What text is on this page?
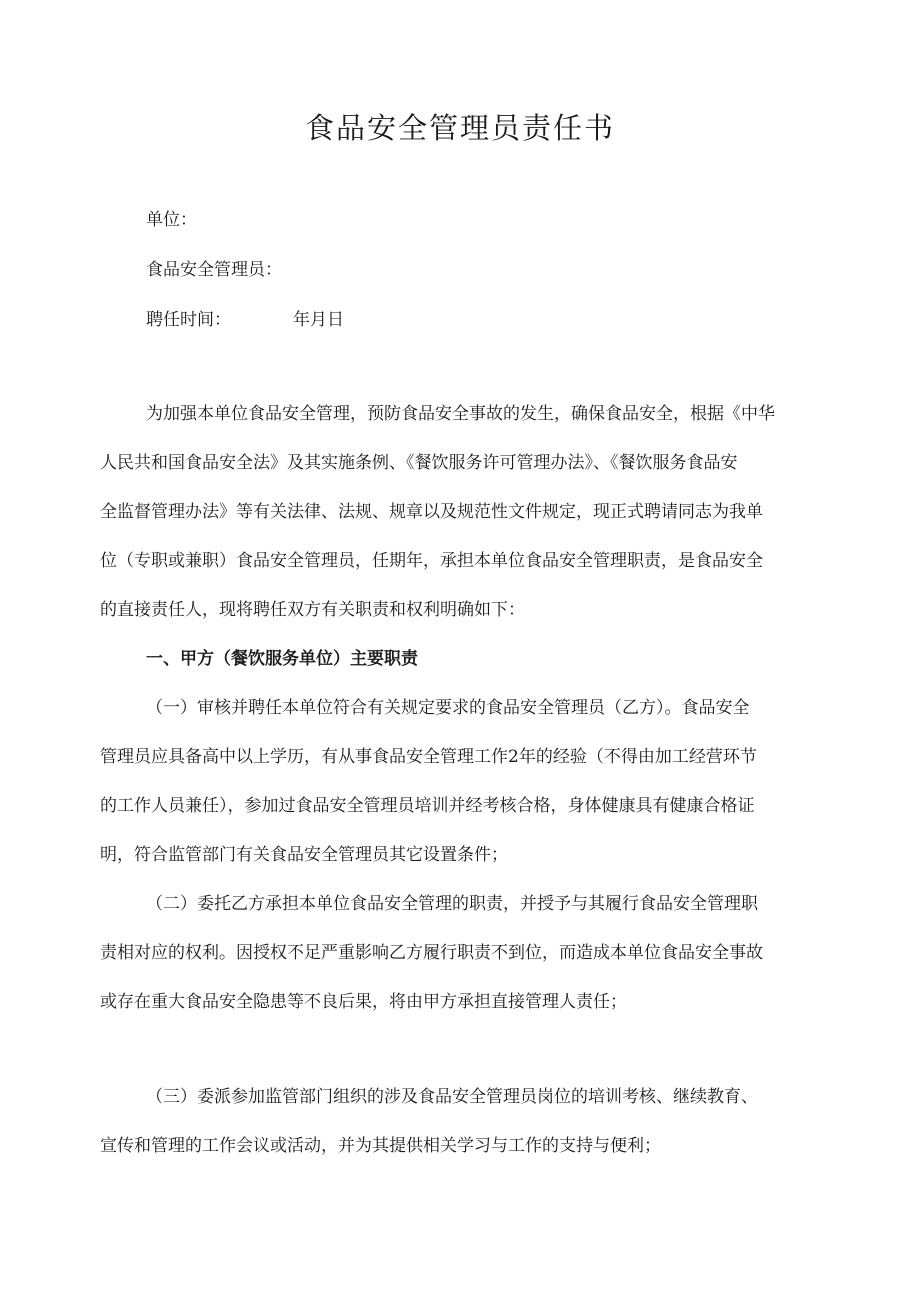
食品安全管理员责任书
单位：
食品安全管理员：
聘任时间：	年月日
为加强本单位食品安全管理，预防食品安全事故的发生，确保食品安全，根据《中华
人民共和国食品安全法》及其实施条例、《餐饮服务许可管理办法》、《餐饮服务食品安
全监督管理办法》等有关法律、法规、规章以及规范性文件规定，现正式聘请同志为我单
位（专职或兼职）食品安全管理员，任期年，承担本单位食品安全管理职责，是食品安全
的直接责任人，现将聘任双方有关职责和权利明确如下：
一、甲方（餐饮服务单位）主要职责
（一）审核并聘任本单位符合有关规定要求的食品安全管理员（乙方）。食品安全
管理员应具备高中以上学历，有从事食品安全管理工作2年的经验（不得由加工经营环节
的工作人员兼任），参加过食品安全管理员培训并经考核合格，身体健康具有健康合格证
明，符合监管部门有关食品安全管理员其它设置条件；
（二）委托乙方承担本单位食品安全管理的职责，并授予与其履行食品安全管理职
责相对应的权利。因授权不足严重影响乙方履行职责不到位，而造成本单位食品安全事故
或存在重大食品安全隐患等不良后果，将由甲方承担直接管理人责任；
（三）委派参加监管部门组织的涉及食品安全管理员岗位的培训考核、继续教育、
宣传和管理的工作会议或活动，并为其提供相关学习与工作的支持与便利；
